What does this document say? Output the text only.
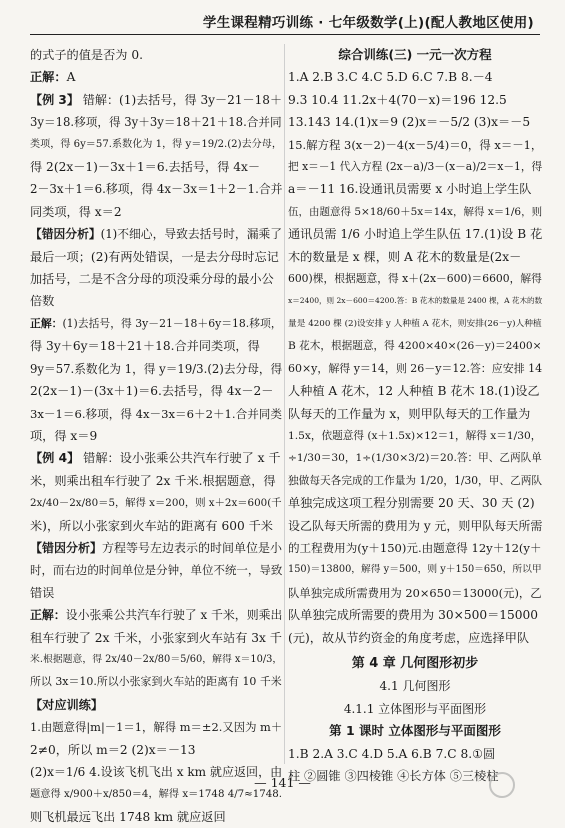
学生课程精巧训练 · 七年级数学(上)(配人教地区使用)
的式子的值是否为 0.
正解：A
【例 3】 错解：(1)去括号，得 3y－21－18＋
3y＝18.移项，得 3y＋3y＝18＋21＋18.合并同
类项，得 6y＝57.系数化为 1，得 y＝19/2.(2)去分母，
得 2(2x－1)－3x＋1＝6.去括号，得 4x－
2－3x＋1＝6.移项，得 4x－3x＝1＋2－1.合并
同类项，得 x＝2
【错因分析】(1)不细心，导致去括号时，漏乘了
最后一项；(2)有两处错误，一是去分母时忘记
加括号，二是不含分母的项没乘分母的最小公
倍数
正解：(1)去括号，得 3y－21－18＋6y＝18.移项，
得 3y＋6y＝18＋21＋18.合并同类项，得
9y＝57.系数化为 1，得 y＝19/3.(2)去分母，得
2(2x－1)－(3x＋1)＝6.去括号，得 4x－2－
3x－1＝6.移项，得 4x－3x＝6＋2＋1.合并同类
项，得 x＝9
【例 4】 错解：设小张乘公共汽车行驶了 x 千
米，则乘出租车行驶了 2x 千米.根据题意，得
2x/40－2x/80＝5，解得 x＝200，则 x＋2x＝600(千
米)，所以小张家到火车站的距离有 600 千米
【错因分析】方程等号左边表示的时间单位是小
时，而右边的时间单位是分钟，单位不统一，导致
错误
正解：设小张乘公共汽车行驶了 x 千米，则乘出
租车行驶了 2x 千米，小张家到火车站有 3x 千
米.根据题意，得 2x/40－2x/80＝5/60，解得 x＝10/3，
所以 3x＝10.所以小张家到火车站的距离有 10 千米
【对应训练】
1.由题意得|m|－1＝1，解得 m＝±2.又因为 m＋
2≠0，所以 m＝2 (2)x＝－13
(2)x＝1/6 4.设该飞机飞出 x km 就应返回，由
题意得 x/900＋x/850＝4，解得 x＝1748 4/7≈1748.
则飞机最远飞出 1748 km 就应返回
综合训练(三) 一元一次方程
1.A 2.B 3.C 4.C 5.D 6.C 7.B 8.－4
9.3 10.4 11.2x＋4(70－x)＝196 12.5
13.143 14.(1)x＝9 (2)x＝－5/2 (3)x＝－5
15.解方程 3(x－2)－4(x－5/4)＝0，得 x＝－1，
把 x＝－1 代入方程 (2x－a)/3－(x－a)/2＝x－1，得
a＝－11 16.设通讯员需要 x 小时追上学生队
伍，由题意得 5×18/60＋5x＝14x，解得 x＝1/6，则
通讯员需 1/6 小时追上学生队伍 17.(1)设 B 花
木的数量是 x 棵，则 A 花木的数量是(2x－
600)棵，根据题意，得 x＋(2x－600)＝6600，解得
x＝2400，则 2x－600＝4200.答：B 花木的数量是 2400 棵，A 花木的数
量是 4200 棵 (2)设安排 y 人种植 A 花木，则安排(26－y)人种植
B 花木，根据题意，得 4200×40×(26－y)＝2400×
60×y，解得 y＝14，则 26－y＝12.答：应安排 14
人种植 A 花木，12 人种植 B 花木 18.(1)设乙
队每天的工作量为 x，则甲队每天的工作量为
1.5x，依题意得 (x＋1.5x)×12＝1，解得 x＝1/30，
÷1/30＝30，1÷(1/30×3/2)＝20.答：甲、乙两队单
独做每天各完成的工作量为 1/20，1/30，甲、乙两队
单独完成这项工程分别需要 20 天、30 天 (2)
设乙队每天所需的费用为 y 元，则甲队每天所需
的工程费用为(y＋150)元.由题意得 12y＋12(y＋
150)＝13800，解得 y＝500，则 y＋150＝650，所以甲
队单独完成所需费用为 20×650＝13000(元)，乙
队单独完成所需要的费用为 30×500＝15000
(元)，故从节约资金的角度考虑，应选择甲队
第 4 章 几何图形初步
4.1 几何图形
4.1.1 立体图形与平面图形
第 1 课时 立体图形与平面图形
1.B 2.A 3.C 4.D 5.A 6.B 7.C 8.①圆
柱 ②圆锥 ③四棱锥 ④长方体 ⑤三棱柱
— 141 —
